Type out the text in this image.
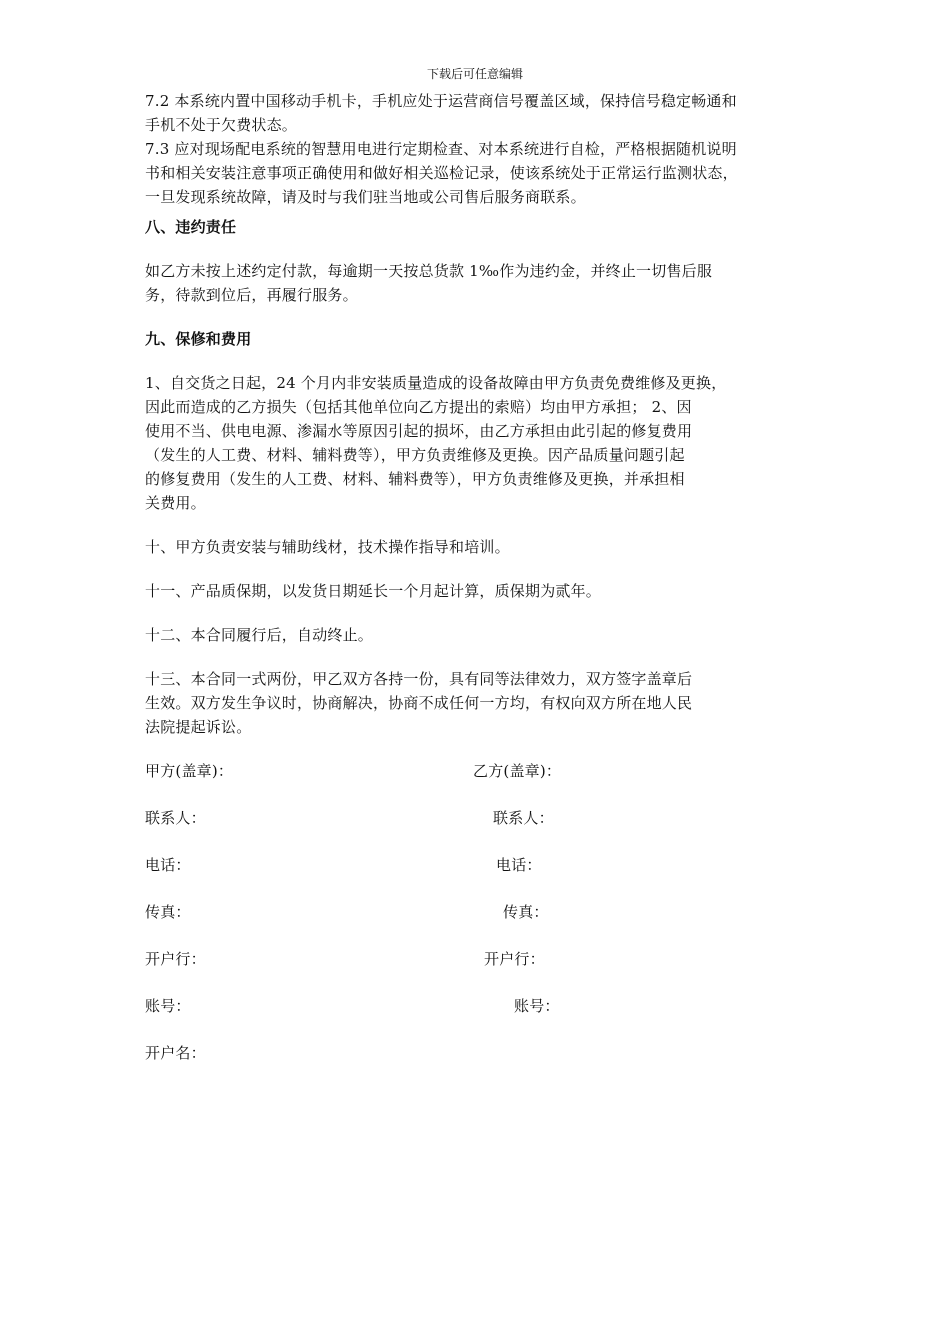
下载后可任意编辑

7.2 本系统内置中国移动手机卡，手机应处于运营商信号覆盖区域，保持信号稳定畅通和

手机不处于欠费状态。

7.3 应对现场配电系统的智慧用电进行定期检查、对本系统进行自检，严格根据随机说明

书和相关安装注意事项正确使用和做好相关巡检记录，使该系统处于正常运行监测状态，

一旦发现系统故障，请及时与我们驻当地或公司售后服务商联系。

八、违约责任

如乙方未按上述约定付款，每逾期一天按总货款 1‰作为违约金，并终止一切售后服

务，待款到位后，再履行服务。

九、保修和费用

1、自交货之日起，24 个月内非安装质量造成的设备故障由甲方负责免费维修及更换，

因此而造成的乙方损失（包括其他单位向乙方提出的索赔）均由甲方承担； 2、因

使用不当、供电电源、渗漏水等原因引起的损坏，由乙方承担由此引起的修复费用

（发生的人工费、材料、辅料费等），甲方负责维修及更换。因产品质量问题引起

的修复费用（发生的人工费、材料、辅料费等），甲方负责维修及更换，并承担相

关费用。

十、甲方负责安装与辅助线材，技术操作指导和培训。

十一、产品质保期，以发货日期延长一个月起计算，质保期为贰年。

十二、本合同履行后，自动终止。

十三、本合同一式两份，甲乙双方各持一份，具有同等法律效力，双方签字盖章后

生效。双方发生争议时，协商解决，协商不成任何一方均，有权向双方所在地人民

法院提起诉讼。

甲方(盖章)：	乙方(盖章)：
联系人：	联系人：
电话：	电话：
传真：	传真：
开户行：	开户行：
账号：	账号：
开户名：
